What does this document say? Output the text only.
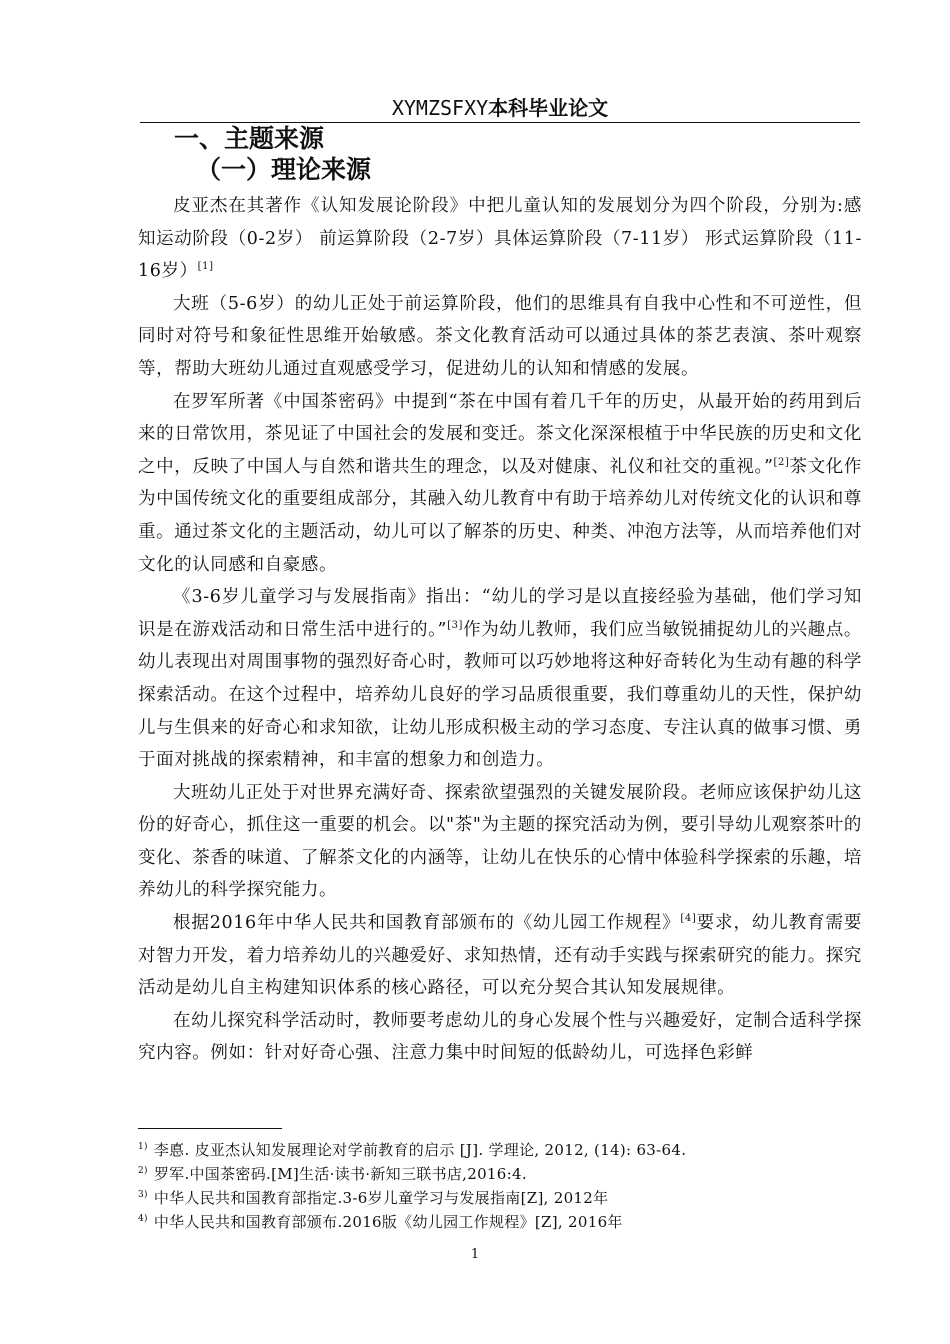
XYMZSFXY本科毕业论文
一、主题来源
（一）理论来源

皮亚杰在其著作《认知发展论阶段》中把儿童认知的发展划分为四个阶段，分别为:感知运动阶段（0-2岁） 前运算阶段（2-7岁）具体运算阶段（7-11岁） 形式运算阶段（11-16岁）[1]

大班（5-6岁）的幼儿正处于前运算阶段，他们的思维具有自我中心性和不可逆性，但同时对符号和象征性思维开始敏感。茶文化教育活动可以通过具体的茶艺表演、茶叶观察等，帮助大班幼儿通过直观感受学习，促进幼儿的认知和情感的发展。

在罗军所著《中国茶密码》中提到“茶在中国有着几千年的历史，从最开始的药用到后来的日常饮用，茶见证了中国社会的发展和变迁。茶文化深深根植于中华民族的历史和文化之中，反映了中国人与自然和谐共生的理念，以及对健康、礼仪和社交的重视。”[2]茶文化作为中国传统文化的重要组成部分，其融入幼儿教育中有助于培养幼儿对传统文化的认识和尊重。通过茶文化的主题活动，幼儿可以了解茶的历史、种类、冲泡方法等，从而培养他们对文化的认同感和自豪感。

《3-6岁儿童学习与发展指南》指出：“幼儿的学习是以直接经验为基础，他们学习知识是在游戏活动和日常生活中进行的。”[3]作为幼儿教师，我们应当敏锐捕捉幼儿的兴趣点。幼儿表现出对周围事物的强烈好奇心时，教师可以巧妙地将这种好奇转化为生动有趣的科学探索活动。在这个过程中，培养幼儿良好的学习品质很重要，我们尊重幼儿的天性，保护幼儿与生俱来的好奇心和求知欲，让幼儿形成积极主动的学习态度、专注认真的做事习惯、勇于面对挑战的探索精神，和丰富的想象力和创造力。

大班幼儿正处于对世界充满好奇、探索欲望强烈的关键发展阶段。老师应该保护幼儿这份的好奇心，抓住这一重要的机会。以"茶"为主题的探究活动为例，要引导幼儿观察茶叶的变化、茶香的味道、了解茶文化的内涵等，让幼儿在快乐的心情中体验科学探索的乐趣，培养幼儿的科学探究能力。

根据2016年中华人民共和国教育部颁布的《幼儿园工作规程》[4]要求，幼儿教育需要对智力开发，着力培养幼儿的兴趣爱好、求知热情，还有动手实践与探索研究的能力。探究活动是幼儿自主构建知识体系的核心路径，可以充分契合其认知发展规律。

在幼儿探究科学活动时，教师要考虑幼儿的身心发展个性与兴趣爱好，定制合适科学探究内容。例如：针对好奇心强、注意力集中时间短的低龄幼儿，可选择色彩鲜

$^{1)}$ 李悳. 皮亚杰认知发展理论对学前教育的启示 [J]. 学理论, 2012, (14): 63-64.
$^{2)}$ 罗军.中国茶密码.[M]生活·读书·新知三联书店,2016:4.
$^{3)}$ 中华人民共和国教育部指定.3-6岁儿童学习与发展指南[Z], 2012年
$^{4)}$ 中华人民共和国教育部颁布.2016版《幼儿园工作规程》[Z], 2016年
1
